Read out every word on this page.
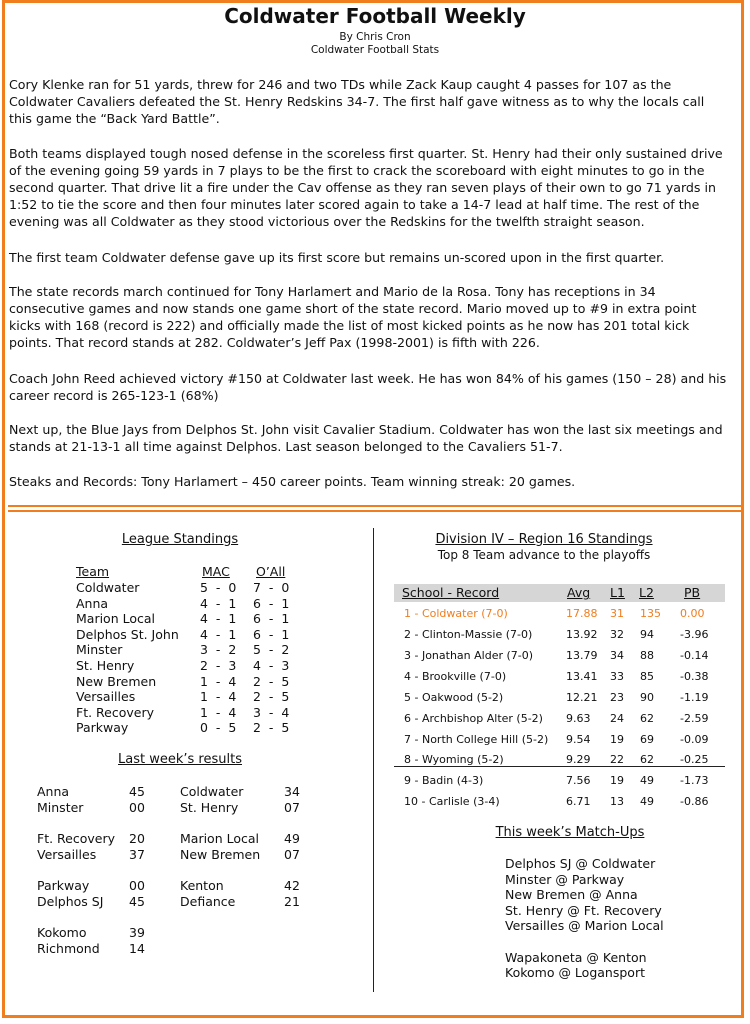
Coldwater Football Weekly
By Chris Cron
Coldwater Football Stats

Cory Klenke ran for 51 yards, threw for 246 and two TDs while Zack Kaup caught 4 passes for 107 as the Coldwater Cavaliers defeated the St. Henry Redskins 34-7. The first half gave witness as to why the locals call this game the “Back Yard Battle”.

Both teams displayed tough nosed defense in the scoreless first quarter. St. Henry had their only sustained drive of the evening going 59 yards in 7 plays to be the first to crack the scoreboard with eight minutes to go in the second quarter. That drive lit a fire under the Cav offense as they ran seven plays of their own to go 71 yards in 1:52 to tie the score and then four minutes later scored again to take a 14-7 lead at half time. The rest of the evening was all Coldwater as they stood victorious over the Redskins for the twelfth straight season.

The first team Coldwater defense gave up its first score but remains un-scored upon in the first quarter.

The state records march continued for Tony Harlamert and Mario de la Rosa. Tony has receptions in 34 consecutive games and now stands one game short of the state record. Mario moved up to #9 in extra point kicks with 168 (record is 222) and officially made the list of most kicked points as he now has 201 total kick points. That record stands at 282. Coldwater’s Jeff Pax (1998-2001) is fifth with 226.

Coach John Reed achieved victory #150 at Coldwater last week. He has won 84% of his games (150 – 28) and his career record is 265-123-1 (68%)

Next up, the Blue Jays from Delphos St. John visit Cavalier Stadium. Coldwater has won the last six meetings and stands at 21-13-1 all time against Delphos. Last season belonged to the Cavaliers 51-7.

Steaks and Records: Tony Harlamert – 450 career points. Team winning streak: 20 games.

League Standings
Team	MAC O’All
Coldwater	5  -  0 7  -  0
Anna	4  -  1 6  -  1
Marion Local	4  -  1 6  -  1
Delphos St. John 4  -  1 6  -  1
Minster	3  -  2 5  -  2
St. Henry	2  -  3 4  -  3
New Bremen	1  -  4 2  -  5
Versailles	1  -  4 2  -  5
Ft. Recovery	1  -  4 3  -  4
Parkway	0  -  5 2  -  5
Last week’s results
Anna	45
Minster	00
Ft. Recovery 20
Versailles	37
Parkway	00
Delphos SJ 45
Kokomo	39
Richmond 14
Coldwater	34
St. Henry	07
Marion Local 49
New Bremen 07
Kenton	42
Defiance	21
Division IV – Region 16 Standings
Top 8 Team advance to the playoffs
School - Record	Avg L1 L2 PB
1 - Coldwater (7-0)	17.88 31 135 0.00
2 - Clinton-Massie (7-0)	13.92 32 94 -3.96
3 - Jonathan Alder (7-0)	13.79 34 88 -0.14
4 - Brookville (7-0)	13.41 33 85 -0.38
5 - Oakwood (5-2)	12.21 23 90 -1.19
6 - Archbishop Alter (5-2) 9.63 24 62 -2.59
7 - North College Hill (5-2) 9.54 19 69 -0.09
8 - Wyoming (5-2)	9.29 22 62 -0.25
9 - Badin (4-3)	7.56 19 49 -1.73
10 - Carlisle (3-4)	6.71 13 49 -0.86
This week’s Match-Ups
Delphos SJ @ Coldwater
Minster @ Parkway
New Bremen @ Anna
St. Henry @ Ft. Recovery
Versailles @ Marion Local
Wapakoneta @ Kenton
Kokomo @ Logansport
